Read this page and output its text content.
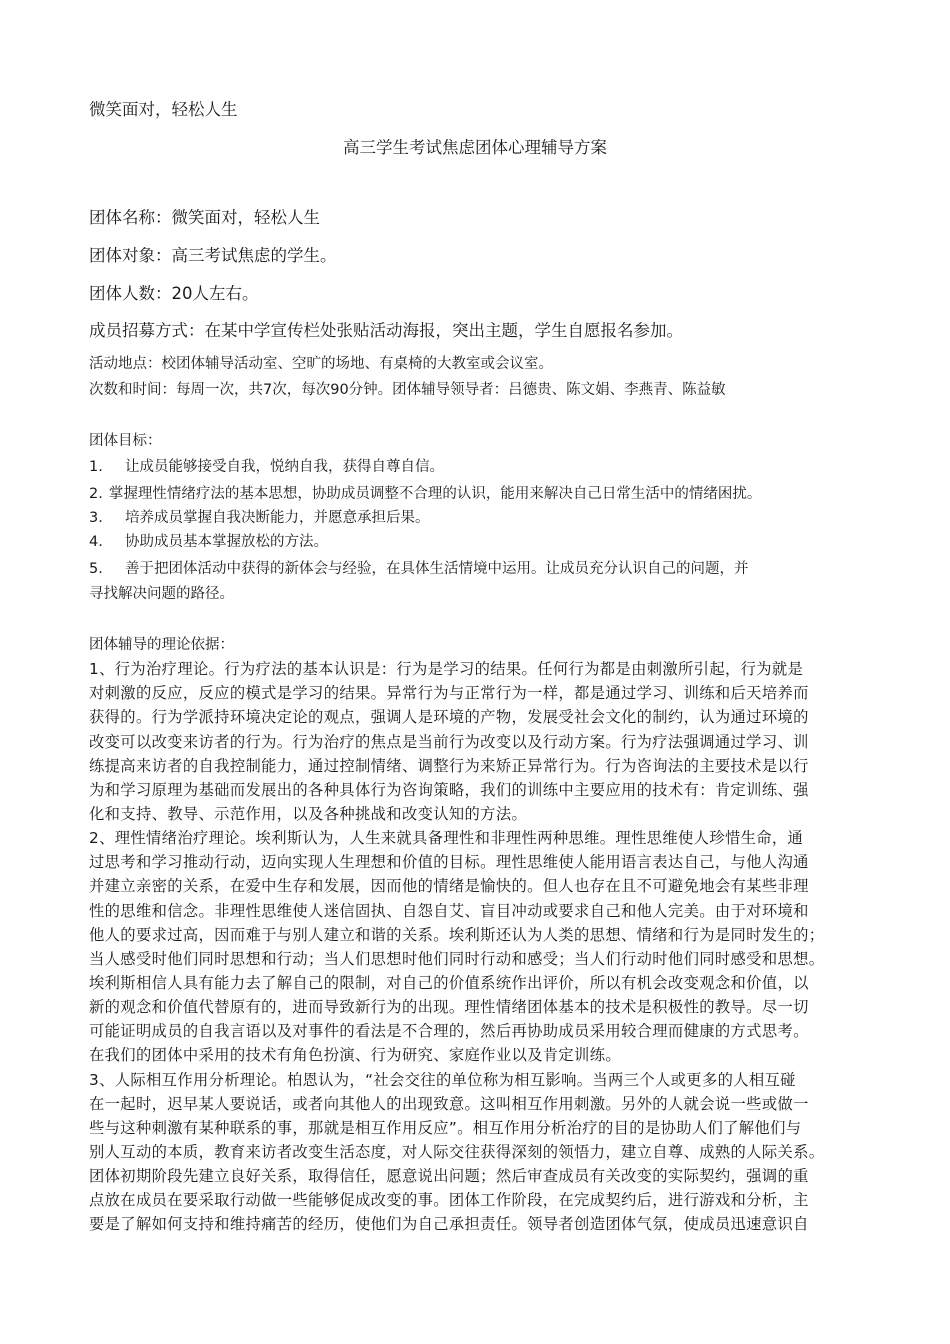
微笑面对，轻松人生
高三学生考试焦虑团体心理辅导方案
团体名称：微笑面对，轻松人生
团体对象：高三考试焦虑的学生。
团体人数：20人左右。
成员招募方式：在某中学宣传栏处张贴活动海报，突出主题，学生自愿报名参加。
活动地点：校团体辅导活动室、空旷的场地、有桌椅的大教室或会议室。
次数和时间：每周一次，共7次，每次90分钟。团体辅导领导者：吕德贵、陈文娟、李燕青、陈益敏
团体目标：
1. 让成员能够接受自我，悦纳自我，获得自尊自信。
2. 掌握理性情绪疗法的基本思想，协助成员调整不合理的认识，能用来解决自己日常生活中的情绪困扰。
3. 培养成员掌握自我决断能力，并愿意承担后果。
4. 协助成员基本掌握放松的方法。
5. 善于把团体活动中获得的新体会与经验，在具体生活情境中运用。让成员充分认识自己的问题，并
寻找解决问题的路径。
团体辅导的理论依据：
1、行为治疗理论。行为疗法的基本认识是：行为是学习的结果。任何行为都是由刺激所引起，行为就是
对刺激的反应，反应的模式是学习的结果。异常行为与正常行为一样，都是通过学习、训练和后天培养而
获得的。行为学派持环境决定论的观点，强调人是环境的产物，发展受社会文化的制约，认为通过环境的
改变可以改变来访者的行为。行为治疗的焦点是当前行为改变以及行动方案。行为疗法强调通过学习、训
练提高来访者的自我控制能力，通过控制情绪、调整行为来矫正异常行为。行为咨询法的主要技术是以行
为和学习原理为基础而发展出的各种具体行为咨询策略，我们的训练中主要应用的技术有：肯定训练、强
化和支持、教导、示范作用，以及各种挑战和改变认知的方法。
2、理性情绪治疗理论。埃利斯认为，人生来就具备理性和非理性两种思维。理性思维使人珍惜生命，通
过思考和学习推动行动，迈向实现人生理想和价值的目标。理性思维使人能用语言表达自己，与他人沟通
并建立亲密的关系，在爱中生存和发展，因而他的情绪是愉快的。但人也存在且不可避免地会有某些非理
性的思维和信念。非理性思维使人迷信固执、自怨自艾、盲目冲动或要求自己和他人完美。由于对环境和
他人的要求过高，因而难于与别人建立和谐的关系。埃利斯还认为人类的思想、情绪和行为是同时发生的；
当人感受时他们同时思想和行动；当人们思想时他们同时行动和感受；当人们行动时他们同时感受和思想。
埃利斯相信人具有能力去了解自己的限制，对自己的价值系统作出评价，所以有机会改变观念和价值，以
新的观念和价值代替原有的，进而导致新行为的出现。理性情绪团体基本的技术是积极性的教导。尽一切
可能证明成员的自我言语以及对事件的看法是不合理的，然后再协助成员采用较合理而健康的方式思考。
在我们的团体中采用的技术有角色扮演、行为研究、家庭作业以及肯定训练。
3、人际相互作用分析理论。柏恩认为，“社会交往的单位称为相互影响。当两三个人或更多的人相互碰
在一起时，迟早某人要说话，或者向其他人的出现致意。这叫相互作用刺激。另外的人就会说一些或做一
些与这种刺激有某种联系的事，那就是相互作用反应”。相互作用分析治疗的目的是协助人们了解他们与
别人互动的本质，教育来访者改变生活态度，对人际交往获得深刻的领悟力，建立自尊、成熟的人际关系。
团体初期阶段先建立良好关系，取得信任，愿意说出问题；然后审查成员有关改变的实际契约，强调的重
点放在成员在要采取行动做一些能够促成改变的事。团体工作阶段，在完成契约后，进行游戏和分析，主
要是了解如何支持和维持痛苦的经历，使他们为自己承担责任。领导者创造团体气氛，使成员迅速意识自
